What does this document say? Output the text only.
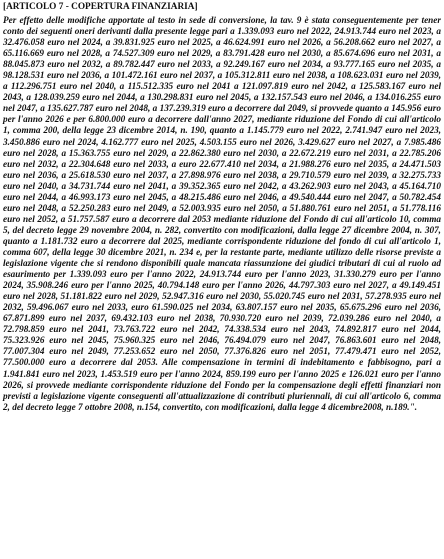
[ARTICOLO 7 - COPERTURA FINANZIARIA]

Per effetto delle modifiche apportate al testo in sede di conversione, la tav. 9 è stata conseguentemente per tener conto dei seguenti oneri derivanti dalla presente legge pari a 1.339.093 euro nel 2022, 24.913.744 euro nel 2023, a 32.476.058 euro nel 2024, a 39.831.925 euro nel 2025, a 46.624.991 euro nel 2026, a 56.208.662 euro nel 2027, a 65.116.669 euro nel 2028, a 74.527.309 euro nel 2029, a 83.791.428 euro nel 2030, a 85.674.696 euro nel 2031, a 88.045.873 euro nel 2032, a 89.782.447 euro nel 2033, a 92.249.167 euro nel 2034, a 93.777.165 euro nel 2035, a 98.128.531 euro nel 2036, a 101.472.161 euro nel 2037, a 105.312.811 euro nel 2038, a 108.623.031 euro nel 2039, a 112.296.751 euro nel 2040, a 115.512.335 euro nel 2041 a 121.097.819 euro nel 2042, a 125.583.167 euro nel 2043, a 128.039.259 euro nel 2044, a 130.298.831 euro nel 2045, a 132.157.543 euro nel 2046, a 134.016.255 euro nel 2047, a 135.627.787 euro nel 2048, a 137.239.319 euro a decorrere dal 2049, si provvede quanto a 145.956 euro per l'anno 2026 e per 6.800.000 euro a decorrere dall'anno 2027, mediante riduzione del Fondo di cui all'articolo 1, comma 200, della legge 23 dicembre 2014, n. 190, quanto a 1.145.779 euro nel 2022, 2.741.947 euro nel 2023, 3.450.886 euro nel 2024, 4.162.777 euro nel 2025, 4.503.155 euro nel 2026, 3.429.627 euro nel 2027, a 7.985.486 euro nel 2028, a 15.363.755 euro nel 2029, a 22.862.380 euro nel 2030, a 22.672.219 euro nel 2031, a 22.785.206 euro nel 2032, a 22.304.648 euro nel 2033, a euro 22.677.410 nel 2034, a 21.988.276 euro nel 2035, a 24.471.503 euro nel 2036, a 25.618.530 euro nel 2037, a 27.898.976 euro nel 2038, a 29.710.579 euro nel 2039, a 32.275.733 euro nel 2040, a 34.731.744 euro nel 2041, a 39.352.365 euro nel 2042, a 43.262.903 euro nel 2043, a 45.164.710 euro nel 2044, a 46.993.173 euro nel 2045, a 48.215.486 euro nel 2046, a 49.540.444 euro nel 2047, a 50.782.454 euro nel 2048, a 52.250.283 euro nel 2049, a 52.003.935 euro nel 2050, a 51.880.761 euro nel 2051, a 51.778.116 euro nel 2052, a 51.757.587 euro a decorrere dal 2053 mediante riduzione del Fondo di cui all'articolo 10, comma 5, del decreto legge 29 novembre 2004, n. 282, convertito con modificazioni, dalla legge 27 dicembre 2004, n. 307, quanto a 1.181.732 euro a decorrere dal 2025, mediante corrispondente riduzione del fondo di cui all'articolo 1, comma 607, della legge 30 dicembre 2021, n. 234 e, per la restante parte, mediante utilizzo delle risorse previste a legislazione vigente che si rendono disponibili quale mancata riassunzione dei giudici tributari di cui al ruolo ad esaurimento per 1.339.093 euro per l'anno 2022, 24.913.744 euro per l'anno 2023, 31.330.279 euro per l'anno 2024, 35.908.246 euro per l'anno 2025, 40.794.148 euro per l'anno 2026, 44.797.303 euro nel 2027, a 49.149.451 euro nel 2028, 51.181.822 euro nel 2029, 52.947.316 euro nel 2030, 55.020.745 euro nel 2031, 57.278.935 euro nel 2032, 59.496.067 euro nel 2033, euro 61.590.025 nel 2034, 63.807.157 euro nel 2035, 65.675.296 euro nel 2036, 67.871.899 euro nel 2037, 69.432.103 euro nel 2038, 70.930.720 euro nel 2039, 72.039.286 euro nel 2040, a 72.798.859 euro nel 2041, 73.763.722 euro nel 2042, 74.338.534 euro nel 2043, 74.892.817 euro nel 2044, 75.323.926 euro nel 2045, 75.960.325 euro nel 2046, 76.494.079 euro nel 2047, 76.863.601 euro nel 2048, 77.007.304 euro nel 2049, 77.253.652 euro nel 2050, 77.376.826 euro nel 2051, 77.479.471 euro nel 2052, 77.500.000 euro a decorrere dal 2053. Alle compensazione in termini di indebitamento e fabbisogno, pari a 1.941.841 euro nel 2023, 1.453.519 euro per l'anno 2024, 859.199 euro per l'anno 2025 e 126.021 euro per l'anno 2026, si provvede mediante corrispondente riduzione del Fondo per la compensazione degli effetti finanziari non previsti a legislazione vigente conseguenti all'attualizzazione di contributi pluriennali, di cui all'articolo 6, comma 2, del decreto legge 7 ottobre 2008, n.154, convertito, con modificazioni, dalla legge 4 dicembre2008, n.189.".
